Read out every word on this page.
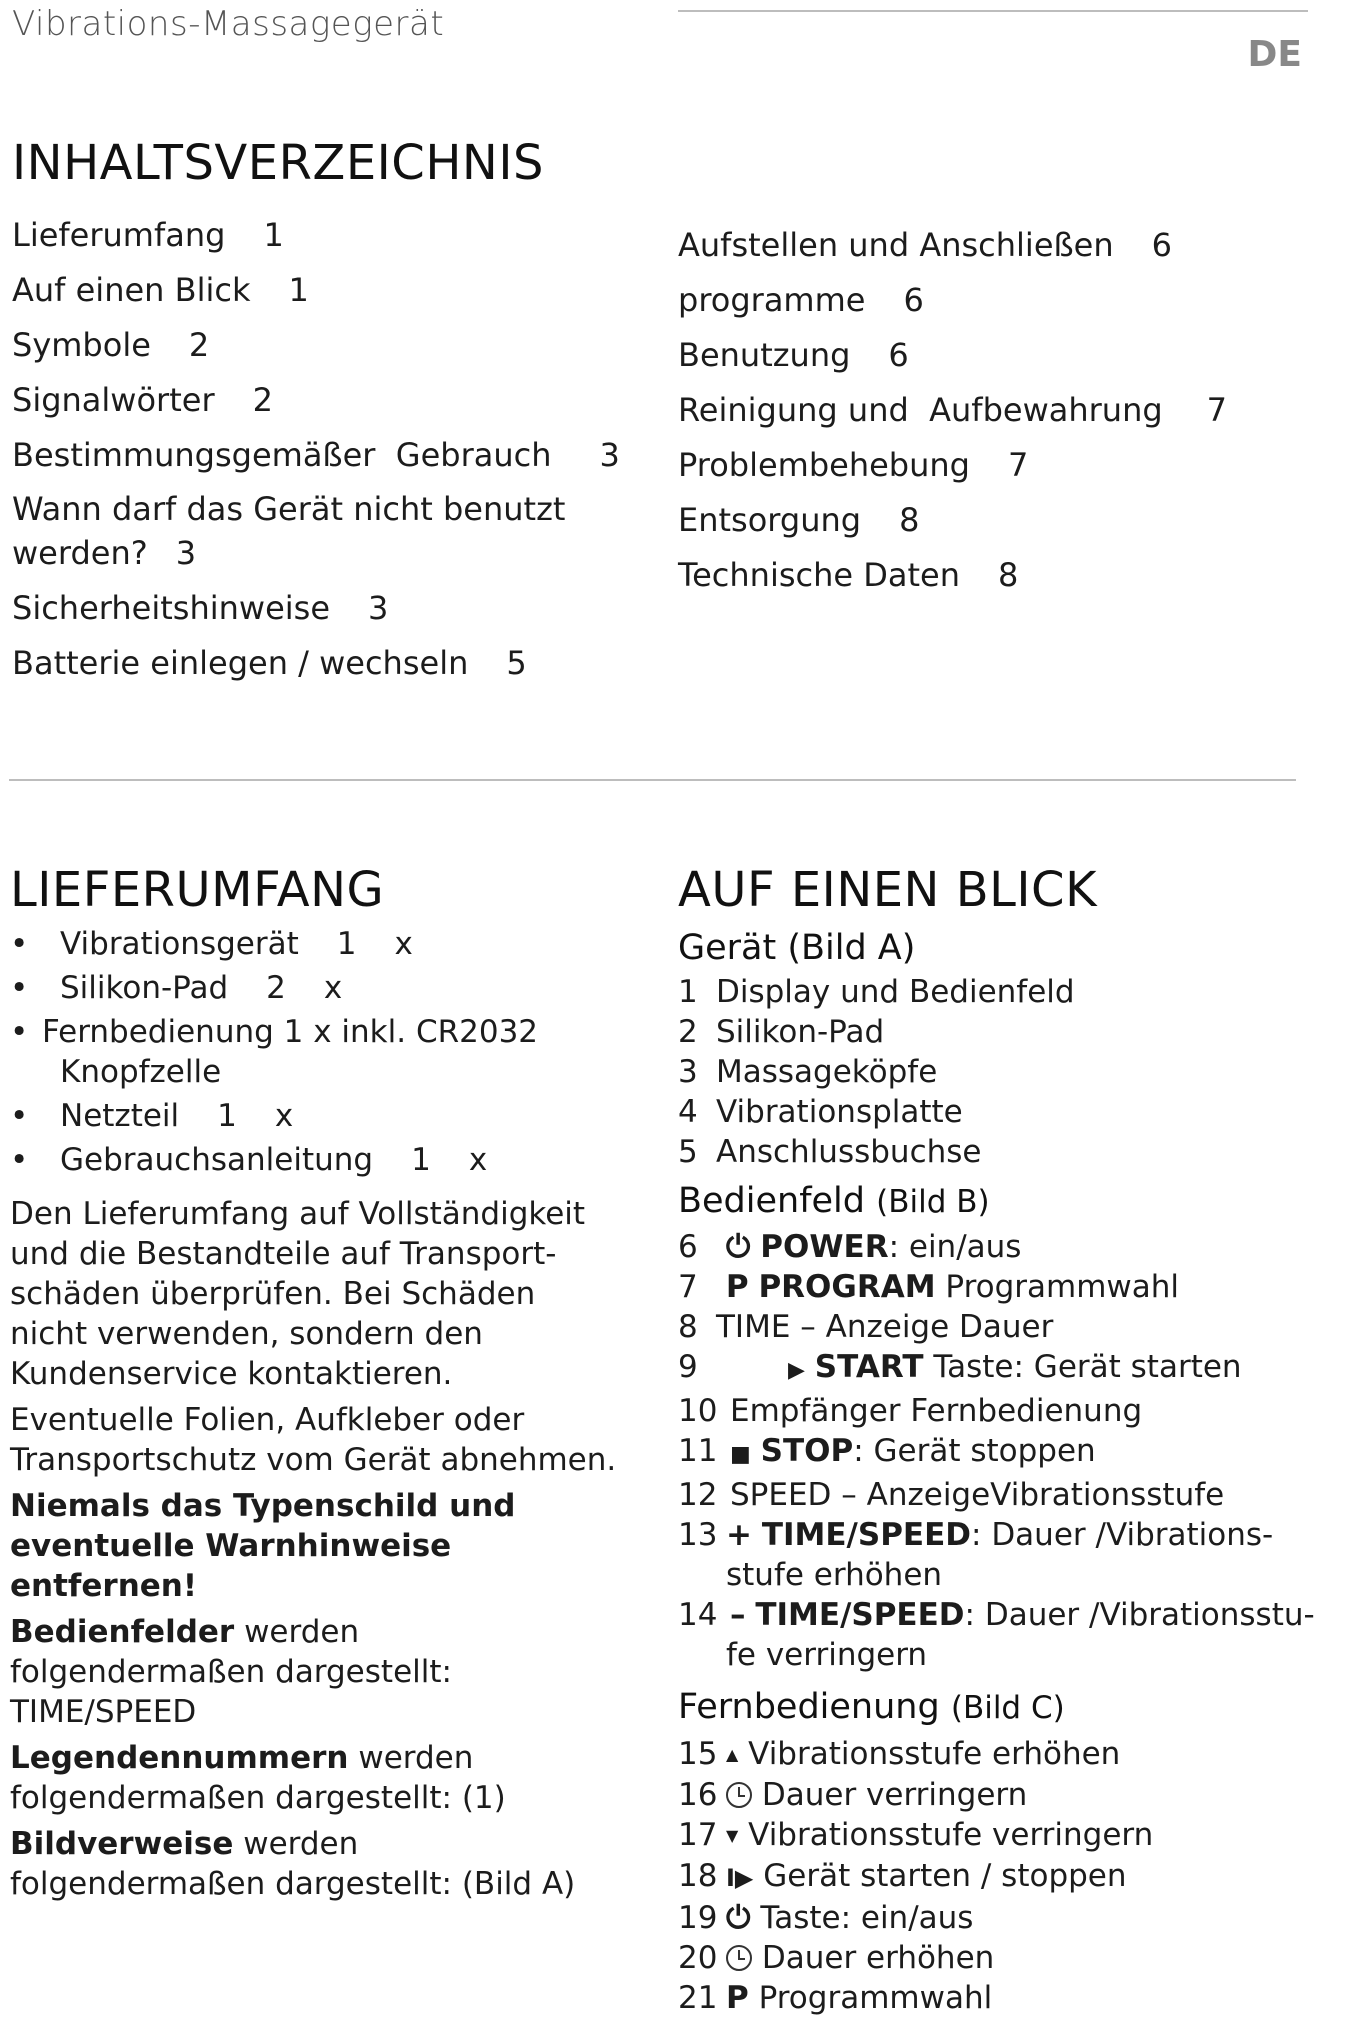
Vibrations-Massagegerät
DE
INHALTSVERZEICHNIS
Lieferumfang 1
Auf einen Blick 1
Symbole 2
Signalwörter 2
Bestimmungsgemäßer  Gebrauch 3
Wann darf das Gerät nicht benutzt werden? 3
Sicherheitshinweise 3
Batterie einlegen / wechseln 5
Aufstellen und Anschließen 6
programme 6
Benutzung 6
Reinigung und  Aufbewahrung 7
Problembehebung 7
Entsorgung 8
Technische Daten 8
LIEFERUMFANG
• Vibrationsgerät 1 x
• Silikon-Pad 2 x
• Fernbedienung 1 x inkl. CR2032
Knopfzelle
• Netzteil 1 x
• Gebrauchsanleitung 1 x
Den Lieferumfang auf Vollständigkeit und die Bestandteile auf Transportschäden überprüfen. Bei Schäden nicht verwenden, sondern den Kundenservice kontaktieren.
Eventuelle Folien, Aufkleber oder Transportschutz vom Gerät abnehmen.
Niemals das Typenschild und eventuelle Warnhinweise entfernen!
Bedienfelder werden folgendermaßen dargestellt: TIME/SPEED
Legendennummern werden folgendermaßen dargestellt: (1)
Bildverweise werden folgendermaßen dargestellt: (Bild A)
AUF EINEN BLICK
Gerät (Bild A)
1 Display und Bedienfeld
2 Silikon-Pad
3 Massageköpfe
4 Vibrationsplatte
5 Anschlussbuchse
Bedienfeld (Bild B)
6 ⏻ POWER: ein/aus
7 P PROGRAM Programmwahl
8 TIME – Anzeige Dauer
9	▶ START Taste: Gerät starten
10 Empfänger Fernbedienung
11 ■ STOP: Gerät stoppen
12 SPEED – AnzeigeVibrationsstufe
13 + TIME/SPEED: Dauer /Vibrations-
stufe erhöhen
14 – TIME/SPEED: Dauer /Vibrationsstu-
fe verringern
Fernbedienung (Bild C)
15 ▲ Vibrationsstufe erhöhen
16 Dauer verringern
17 ▼ Vibrationsstufe verringern
18 I▶ Gerät starten / stoppen
19 ⏻ Taste: ein/aus
20 Dauer erhöhen
21 P Programmwahl
